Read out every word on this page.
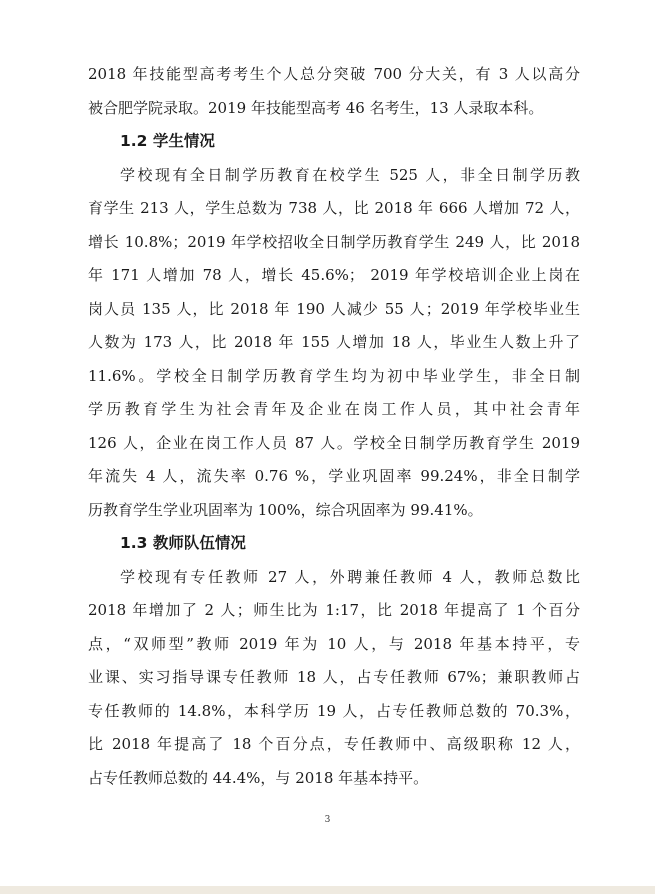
2018 年技能型高考考生个人总分突破 700 分大关，有 3 人以高分
被合肥学院录取。2019 年技能型高考 46 名考生，13 人录取本科。
1.2 学生情况
学校现有全日制学历教育在校学生 525 人，非全日制学历教
育学生 213 人，学生总数为 738 人，比 2018 年 666 人增加 72 人，
增长 10.8%；2019 年学校招收全日制学历教育学生 249 人，比 2018
年 171 人增加 78 人，增长 45.6%； 2019 年学校培训企业上岗在
岗人员 135 人，比 2018 年 190 人减少 55 人；2019 年学校毕业生
人数为 173 人，比 2018 年 155 人增加 18 人，毕业生人数上升了
11.6%。学校全日制学历教育学生均为初中毕业学生，非全日制
学历教育学生为社会青年及企业在岗工作人员，其中社会青年
126 人，企业在岗工作人员 87 人。学校全日制学历教育学生 2019
年流失 4 人，流失率 0.76 %，学业巩固率 99.24%，非全日制学
历教育学生学业巩固率为 100%，综合巩固率为 99.41%。
1.3 教师队伍情况
学校现有专任教师 27 人，外聘兼任教师 4 人，教师总数比
2018 年增加了 2 人；师生比为 1:17，比 2018 年提高了 1 个百分
点，“双师型”教师 2019 年为 10 人，与 2018 年基本持平，专
业课、实习指导课专任教师 18 人，占专任教师 67%；兼职教师占
专任教师的 14.8%，本科学历 19 人，占专任教师总数的 70.3%，
比 2018 年提高了 18 个百分点，专任教师中、高级职称 12 人，
占专任教师总数的 44.4%，与 2018 年基本持平。
3
